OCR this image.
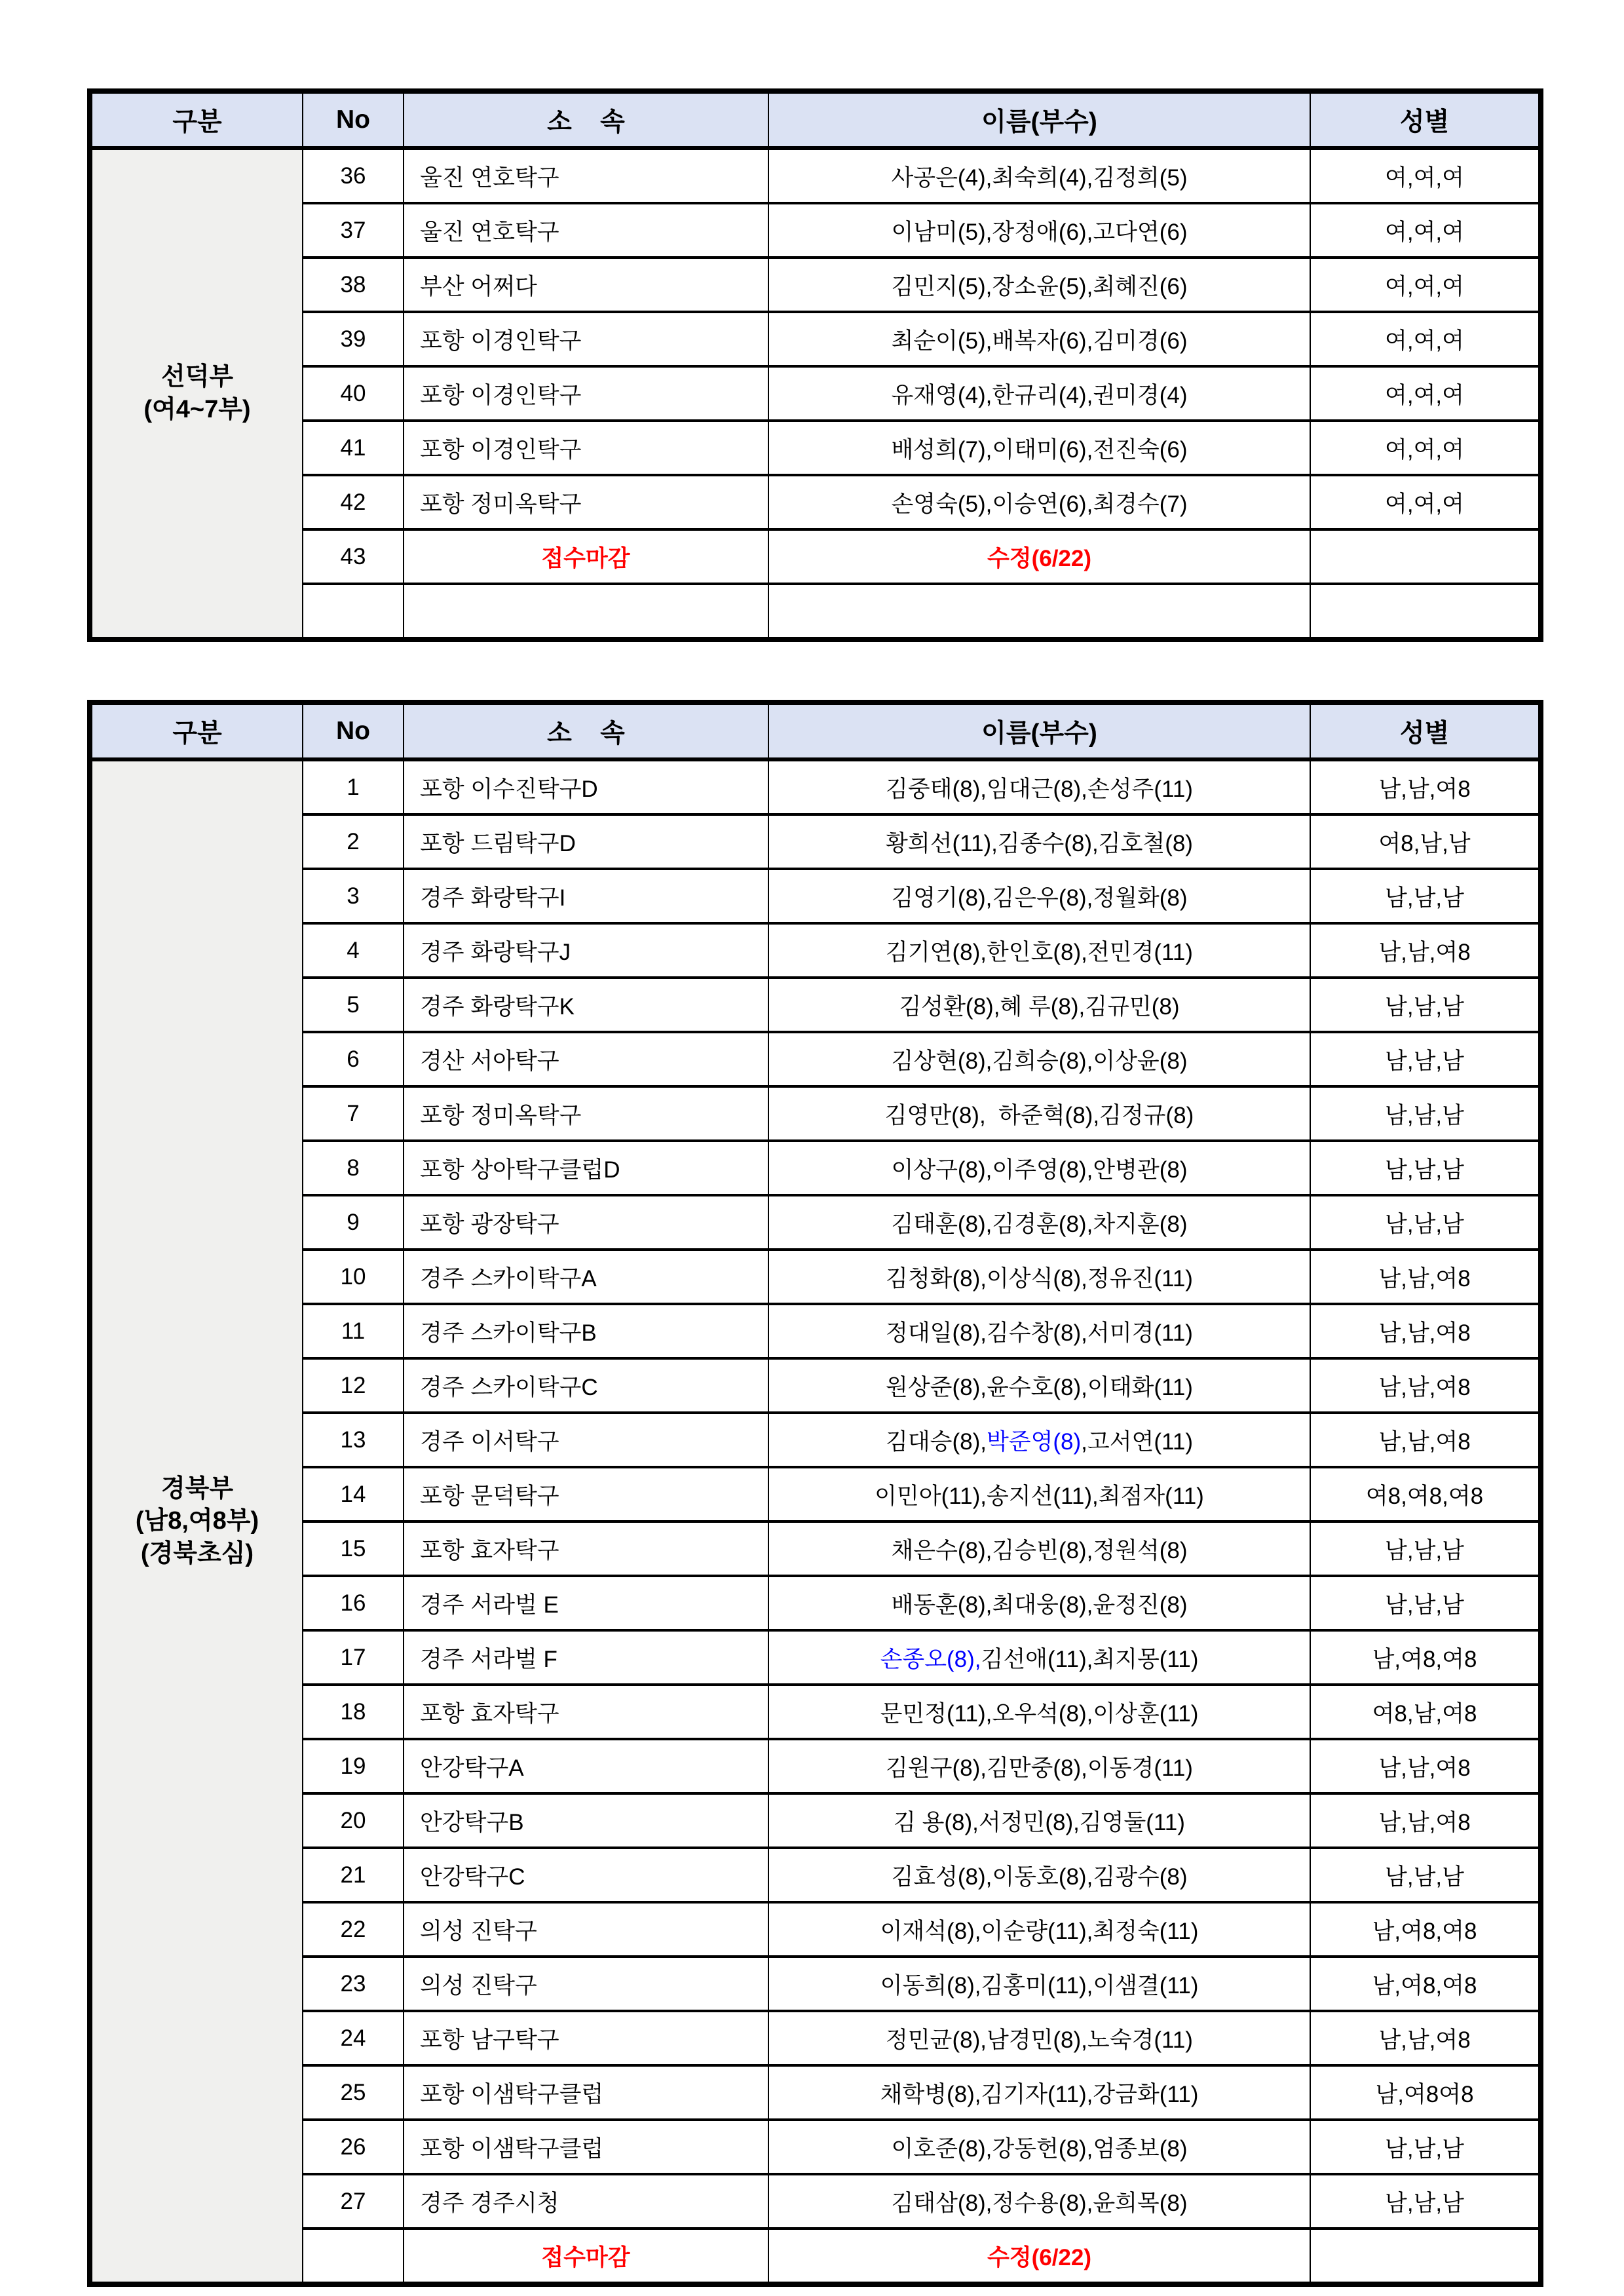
구분	No	소    속	이름(부수)	성별

선덕부
(여4~7부)	36	울진 연호탁구	사공은(4),최숙희(4),김정희(5)	여,여,여
	37	울진 연호탁구	이남미(5),장정애(6),고다연(6)	여,여,여
	38	부산 어쩌다	김민지(5),장소윤(5),최혜진(6)	여,여,여
	39	포항 이경인탁구	최순이(5),배복자(6),김미경(6)	여,여,여
	40	포항 이경인탁구	유재영(4),한규리(4),권미경(4)	여,여,여
	41	포항 이경인탁구	배성희(7),이태미(6),전진숙(6)	여,여,여
	42	포항 정미옥탁구	손영숙(5),이승연(6),최경수(7)	여,여,여
	43	접수마감	수정(6/22)	

구분	No	소    속	이름(부수)	성별

경북부
(남8,여8부)
(경북초심)	1	포항 이수진탁구D	김중태(8),임대근(8),손성주(11)	남,남,여8
	2	포항 드림탁구D	황희선(11),김종수(8),김호철(8)	여8,남,남
	3	경주 화랑탁구I	김영기(8),김은우(8),정월화(8)	남,남,남
	4	경주 화랑탁구J	김기연(8),한인호(8),전민경(11)	남,남,여8
	5	경주 화랑탁구K	김성환(8),혜 루(8),김규민(8)	남,남,남
	6	경산 서아탁구	김상현(8),김희승(8),이상윤(8)	남,남,남
	7	포항 정미옥탁구	김영만(8),  하준혁(8),김정규(8)	남,남,남
	8	포항 상아탁구클럽D	이상구(8),이주영(8),안병관(8)	남,남,남
	9	포항 광장탁구	김태훈(8),김경훈(8),차지훈(8)	남,남,남
	10	경주 스카이탁구A	김청화(8),이상식(8),정유진(11)	남,남,여8
	11	경주 스카이탁구B	정대일(8),김수창(8),서미경(11)	남,남,여8
	12	경주 스카이탁구C	원상준(8),윤수호(8),이태화(11)	남,남,여8
	13	경주 이서탁구	김대승(8),박준영(8),고서연(11)	남,남,여8
	14	포항 문덕탁구	이민아(11),송지선(11),최점자(11)	여8,여8,여8
	15	포항 효자탁구	채은수(8),김승빈(8),정원석(8)	남,남,남
	16	경주 서라벌 E	배동훈(8),최대웅(8),윤정진(8)	남,남,남
	17	경주 서라벌 F	손종오(8),김선애(11),최지몽(11)	남,여8,여8
	18	포항 효자탁구	문민정(11),오우석(8),이상훈(11)	여8,남,여8
	19	안강탁구A	김원구(8),김만중(8),이동경(11)	남,남,여8
	20	안강탁구B	김 용(8),서정민(8),김영둘(11)	남,남,여8
	21	안강탁구C	김효성(8),이동호(8),김광수(8)	남,남,남
	22	의성 진탁구	이재석(8),이순량(11),최정숙(11)	남,여8,여8
	23	의성 진탁구	이동희(8),김홍미(11),이샘결(11)	남,여8,여8
	24	포항 남구탁구	정민균(8),남경민(8),노숙경(11)	남,남,여8
	25	포항 이샘탁구클럽	채학병(8),김기자(11),강금화(11)	남,여8여8
	26	포항 이샘탁구클럽	이호준(8),강동헌(8),엄종보(8)	남,남,남
	27	경주 경주시청	김태삼(8),정수용(8),윤희목(8)	남,남,남
		접수마감	수정(6/22)	
